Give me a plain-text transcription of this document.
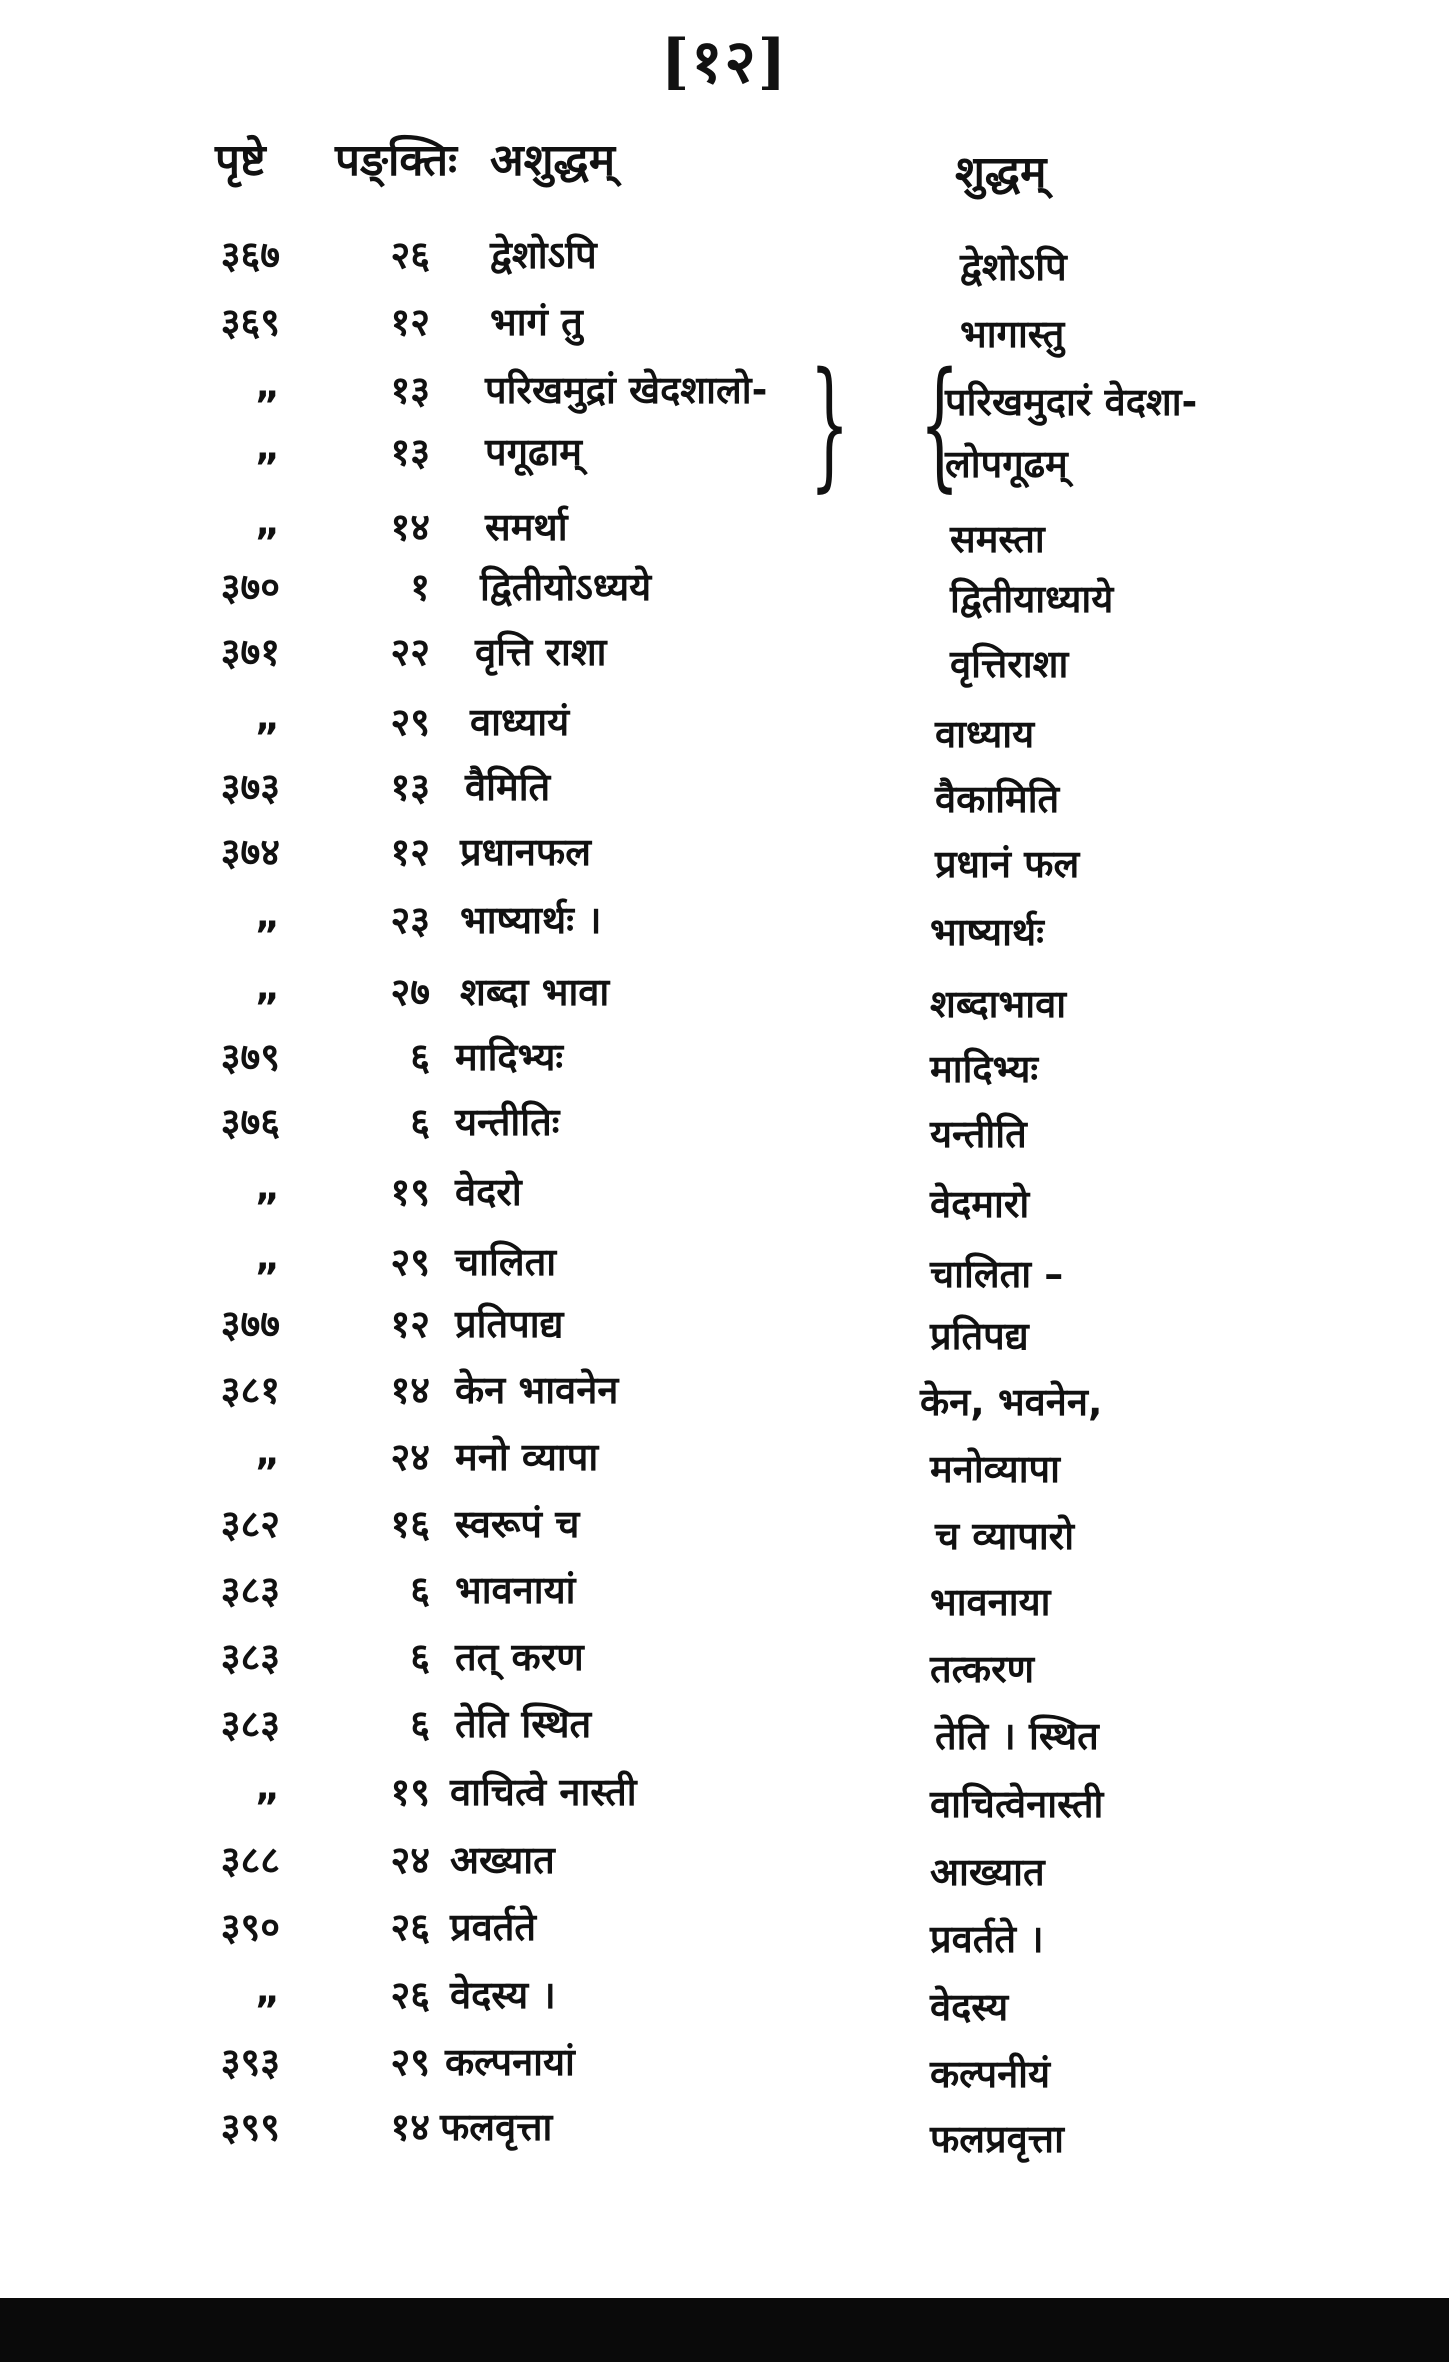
[१२]
पृष्टे पङ्क्तिः अशुद्धम्	शुद्धम्
३६७	२६ द्वेशोऽपि	द्वेशोऽपि
३६९	१२ भागं तु	भागास्तु
„	१३ परिखमुद्रां खेदशालो-	परिखमुदारं वेदशा-
„	१३ पगूढाम्	लोपगूढम्
„	१४ समर्था	समस्ता
३७०	१ द्वितीयोऽध्यये	द्वितीयाध्याये
३७१	२२ वृत्ति राशा	वृत्तिराशा
„	२९ वाध्यायं	वाध्याय
३७३	१३ वैमिति	वैकामिति
३७४	१२ प्रधानफल	प्रधानं फल
„	२३ भाष्यार्थः ।	भाष्यार्थः
„	२७ शब्दा भावा	शब्दाभावा
३७९	६ मादिभ्यः	मादिभ्यः
३७६	६ यन्तीतिः	यन्तीति
„	१९ वेदरो	वेदमारो
„	२९ चालिता	चालिता –
३७७	१२ प्रतिपाद्य	प्रतिपद्य
३८१	१४ केन भावनेन	केन, भवनेन,
„	२४ मनो व्यापा	मनोव्यापा
३८२	१६ स्वरूपं च	च व्यापारो
३८३	६ भावनायां	भावनाया
३८३	६ तत् करण	तत्करण
३८३	६ तेति स्थित	तेति । स्थित
„	१९ वाचित्वे नास्ती	वाचित्वेनास्ती
३८८	२४ अख्यात	आख्यात
३९०	२६ प्रवर्तते	प्रवर्तते ।
„	२६ वेदस्य ।	वेदस्य
३९३	२९ कल्पनायां	कल्पनीयं
३९९	१४ फलवृत्ता	फलप्रवृत्ता
} {
